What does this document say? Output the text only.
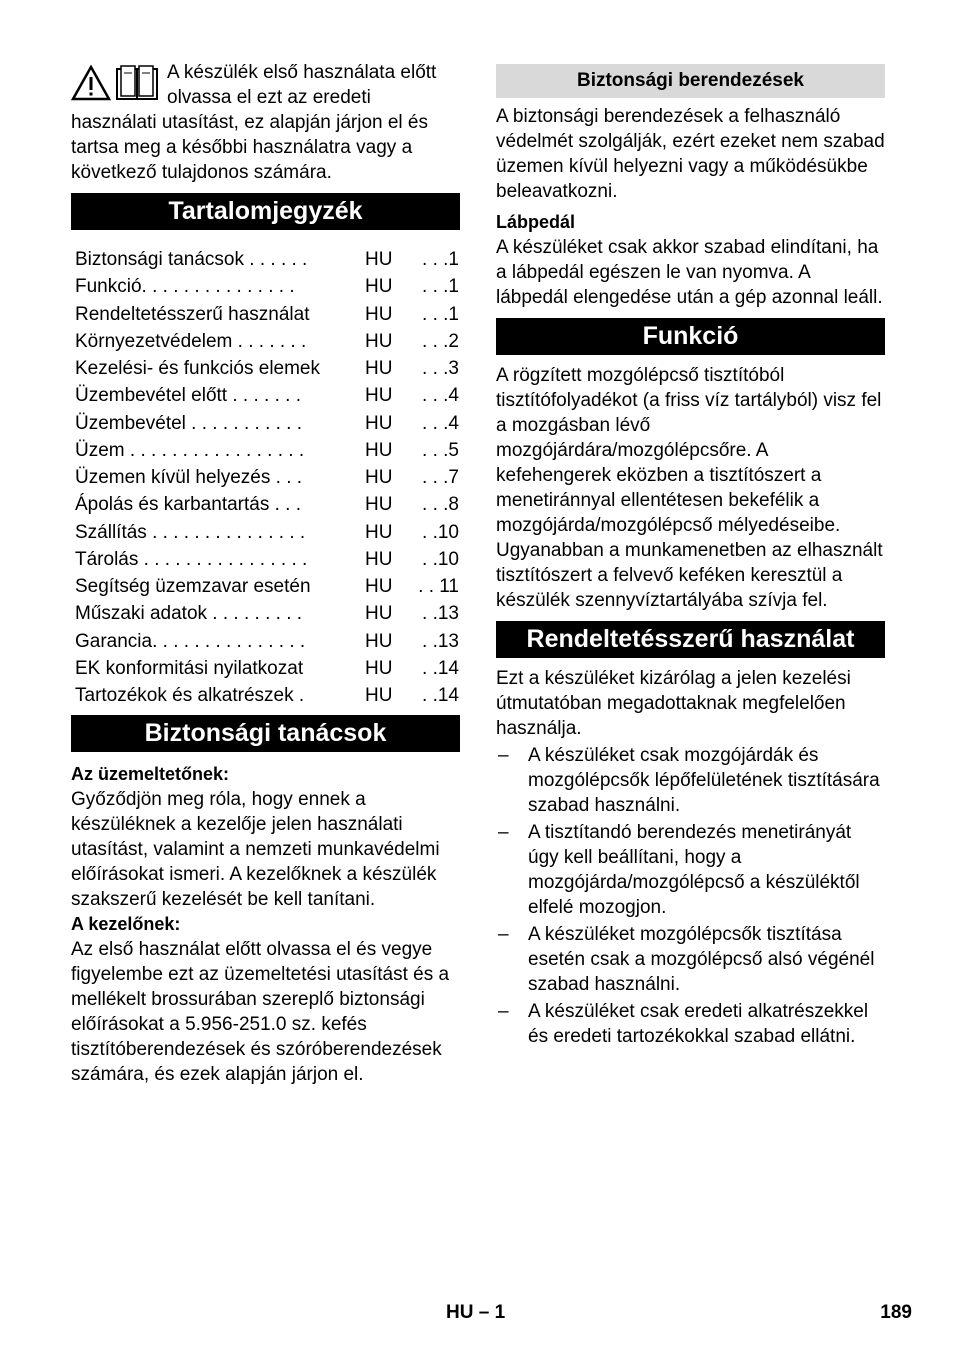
A készülék első használata előtt olvassa el ezt az eredeti használati utasítást, ez alapján járjon el és tartsa meg a későbbi használatra vagy a következő tulajdonos számára.

Tartalomjegyzék
Biztonsági tanácsok . . . . . .	HU	. . .1
Funkció. . . . . . . . . . . . . . .	HU	. . .1
Rendeltetésszerű használat	HU	. . .1
Környezetvédelem . . . . . . .	HU	. . .2
Kezelési- és funkciós elemek	HU	. . .3
Üzembevétel előtt . . . . . . .	HU	. . .4
Üzembevétel . . . . . . . . . . .	HU	. . .4
Üzem . . . . . . . . . . . . . . . . .	HU	. . .5
Üzemen kívül helyezés . . .	HU	. . .7
Ápolás és karbantartás . . .	HU	. . .8
Szállítás . . . . . . . . . . . . . . .	HU	. .10
Tárolás . . . . . . . . . . . . . . . .	HU	. .10
Segítség üzemzavar esetén	HU	. . 11
Műszaki adatok . . . . . . . . .	HU	. .13
Garancia. . . . . . . . . . . . . . .	HU	. .13
EK konformitási nyilatkozat	HU	. .14
Tartozékok és alkatrészek .	HU	. .14
Biztonsági tanácsok

Az üzemeltetőnek:

Győződjön meg róla, hogy ennek a készüléknek a kezelője jelen használati utasítást, valamint a nemzeti munkavédelmi előírásokat ismeri. A kezelőknek a készülék szakszerű kezelését be kell tanítani.

A kezelőnek:

Az első használat előtt olvassa el és vegye figyelembe ezt az üzemeltetési utasítást és a mellékelt brossurában szereplő biztonsági előírásokat a 5.956-251.0 sz. kefés tisztítóberendezések és szóróberendezések számára, és ezek alapján járjon el.

Biztonsági berendezések

A biztonsági berendezések a felhasználó védelmét szolgálják, ezért ezeket nem szabad üzemen kívül helyezni vagy a működésükbe beleavatkozni.

Lábpedál

A készüléket csak akkor szabad elindítani, ha a lábpedál egészen le van nyomva. A lábpedál elengedése után a gép azonnal leáll.

Funkció

A rögzített mozgólépcső tisztítóból tisztítófolyadékot (a friss víz tartályból) visz fel a mozgásban lévő mozgójárdára/mozgólépcsőre. A kefehengerek eközben a tisztítószert a menetiránnyal ellentétesen bekefélik a mozgójárda/mozgólépcső mélyedéseibe. Ugyanabban a munkamenetben az elhasznált tisztítószert a felvevő keféken keresztül a készülék szennyvíztartályába szívja fel.

Rendeltetésszerű használat

Ezt a készüléket kizárólag a jelen kezelési útmutatóban megadottaknak megfelelően használja.

– A készüléket csak mozgójárdák és mozgólépcsők lépőfelületének tisztítására szabad használni.
– A tisztítandó berendezés menetirányát úgy kell beállítani, hogy a mozgójárda/mozgólépcső a készüléktől elfelé mozogjon.
– A készüléket mozgólépcsők tisztítása esetén csak a mozgólépcső alsó végénél szabad használni.
– A készüléket csak eredeti alkatrészekkel és eredeti tartozékokkal szabad ellátni.
HU – 1	189
